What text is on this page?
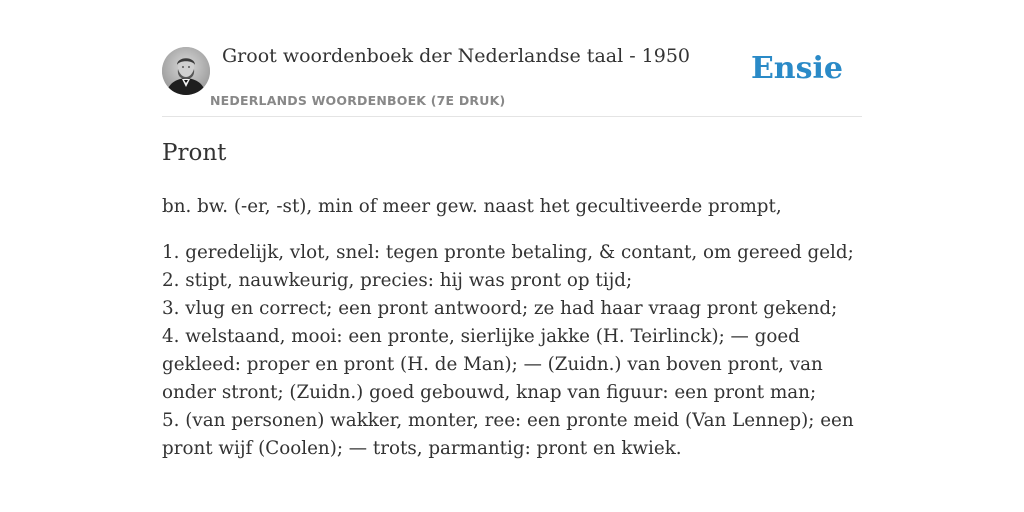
Groot woordenboek der Nederlandse taal - 1950
NEDERLANDS WOORDENBOEK (7E DRUK)
Ensie
Pront

bn. bw. (-er, -st), min of meer gew. naast het gecultiveerde prompt,

1. geredelijk, vlot, snel: tegen pronte betaling, & contant, om gereed geld;
2. stipt, nauwkeurig, precies: hij was pront op tijd;
3. vlug en correct; een pront antwoord; ze had haar vraag pront gekend;
4. welstaand, mooi: een pronte, sierlijke jakke (H. Teirlinck); — goed gekleed: proper en pront (H. de Man); — (Zuidn.) van boven pront, van onder stront; (Zuidn.) goed gebouwd, knap van figuur: een pront man;
5. (van personen) wakker, monter, ree: een pronte meid (Van Lennep); een pront wijf (Coolen); — trots, parmantig: pront en kwiek.
